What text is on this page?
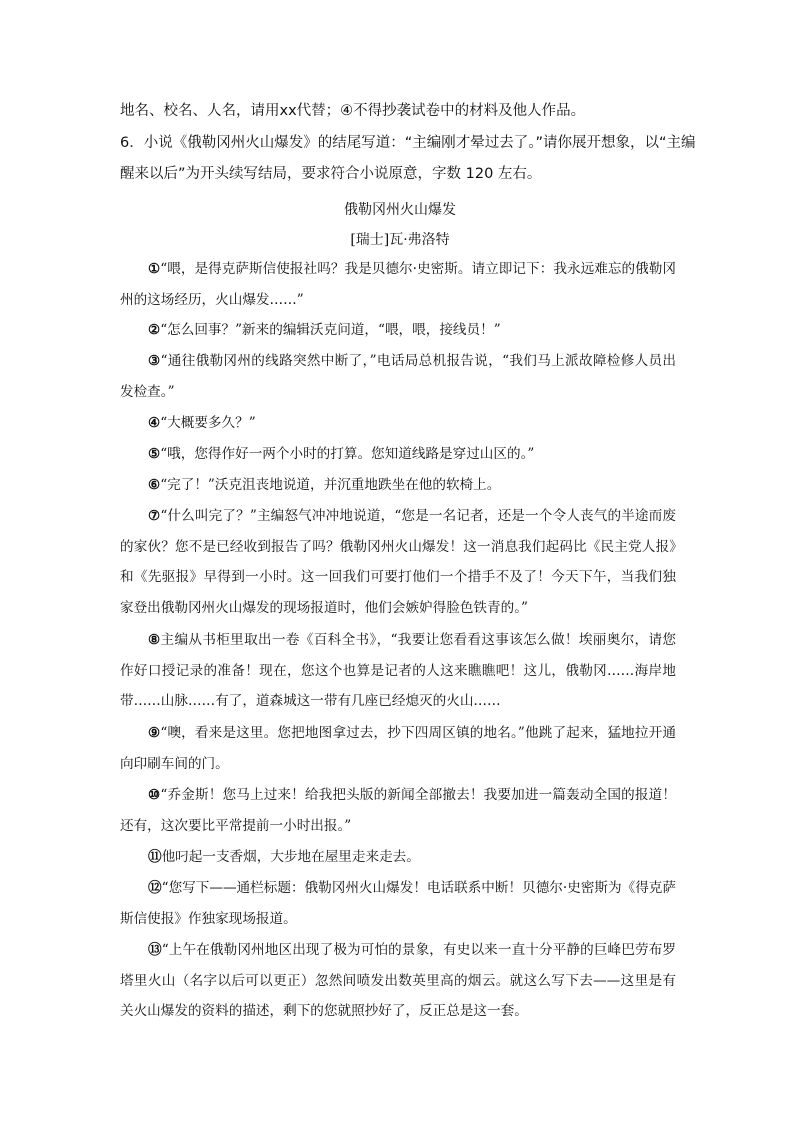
地名、校名、人名，请用xx代替；④不得抄袭试卷中的材料及他人作品。
6．小说《俄勒冈州火山爆发》的结尾写道：“主编刚才晕过去了。”请你展开想象，以“主编
醒来以后”为开头续写结局，要求符合小说原意，字数 120 左右。
俄勒冈州火山爆发
[瑞士]瓦·弗洛特

①“喂，是得克萨斯信使报社吗？我是贝德尔·史密斯。请立即记下：我永远难忘的俄勒冈州的这场经历，火山爆发……”

②“怎么回事？”新来的编辑沃克问道，“喂，喂，接线员！”

③“通往俄勒冈州的线路突然中断了，”电话局总机报告说，“我们马上派故障检修人员出发检查。”

④“大概要多久？”

⑤“哦，您得作好一两个小时的打算。您知道线路是穿过山区的。”

⑥“完了！”沃克沮丧地说道，并沉重地跌坐在他的软椅上。

⑦“什么叫完了？”主编怒气冲冲地说道，“您是一名记者，还是一个令人丧气的半途而废的家伙？您不是已经收到报告了吗？俄勒冈州火山爆发！这一消息我们起码比《民主党人报》和《先驱报》早得到一小时。这一回我们可要打他们一个措手不及了！今天下午，当我们独家登出俄勒冈州火山爆发的现场报道时，他们会嫉妒得脸色铁青的。”

⑧主编从书柜里取出一卷《百科全书》，“我要让您看看这事该怎么做！埃丽奥尔，请您作好口授记录的准备！现在，您这个也算是记者的人这来瞧瞧吧！这儿，俄勒冈……海岸地带……山脉……有了，道森城这一带有几座已经熄灭的火山……

⑨“噢，看来是这里。您把地图拿过去，抄下四周区镇的地名。”他跳了起来，猛地拉开通向印刷车间的门。

⑩“乔金斯！您马上过来！给我把头版的新闻全部撤去！我要加进一篇轰动全国的报道！还有，这次要比平常提前一小时出报。”

⑪他叼起一支香烟，大步地在屋里走来走去。

⑫“您写下——通栏标题：俄勒冈州火山爆发！电话联系中断！贝德尔·史密斯为《得克萨斯信使报》作独家现场报道。

⑬“上午在俄勒冈州地区出现了极为可怕的景象，有史以来一直十分平静的巨峰巴劳布罗塔里火山（名字以后可以更正）忽然间喷发出数英里高的烟云。就这么写下去——这里是有关火山爆发的资料的描述，剩下的您就照抄好了，反正总是这一套。
